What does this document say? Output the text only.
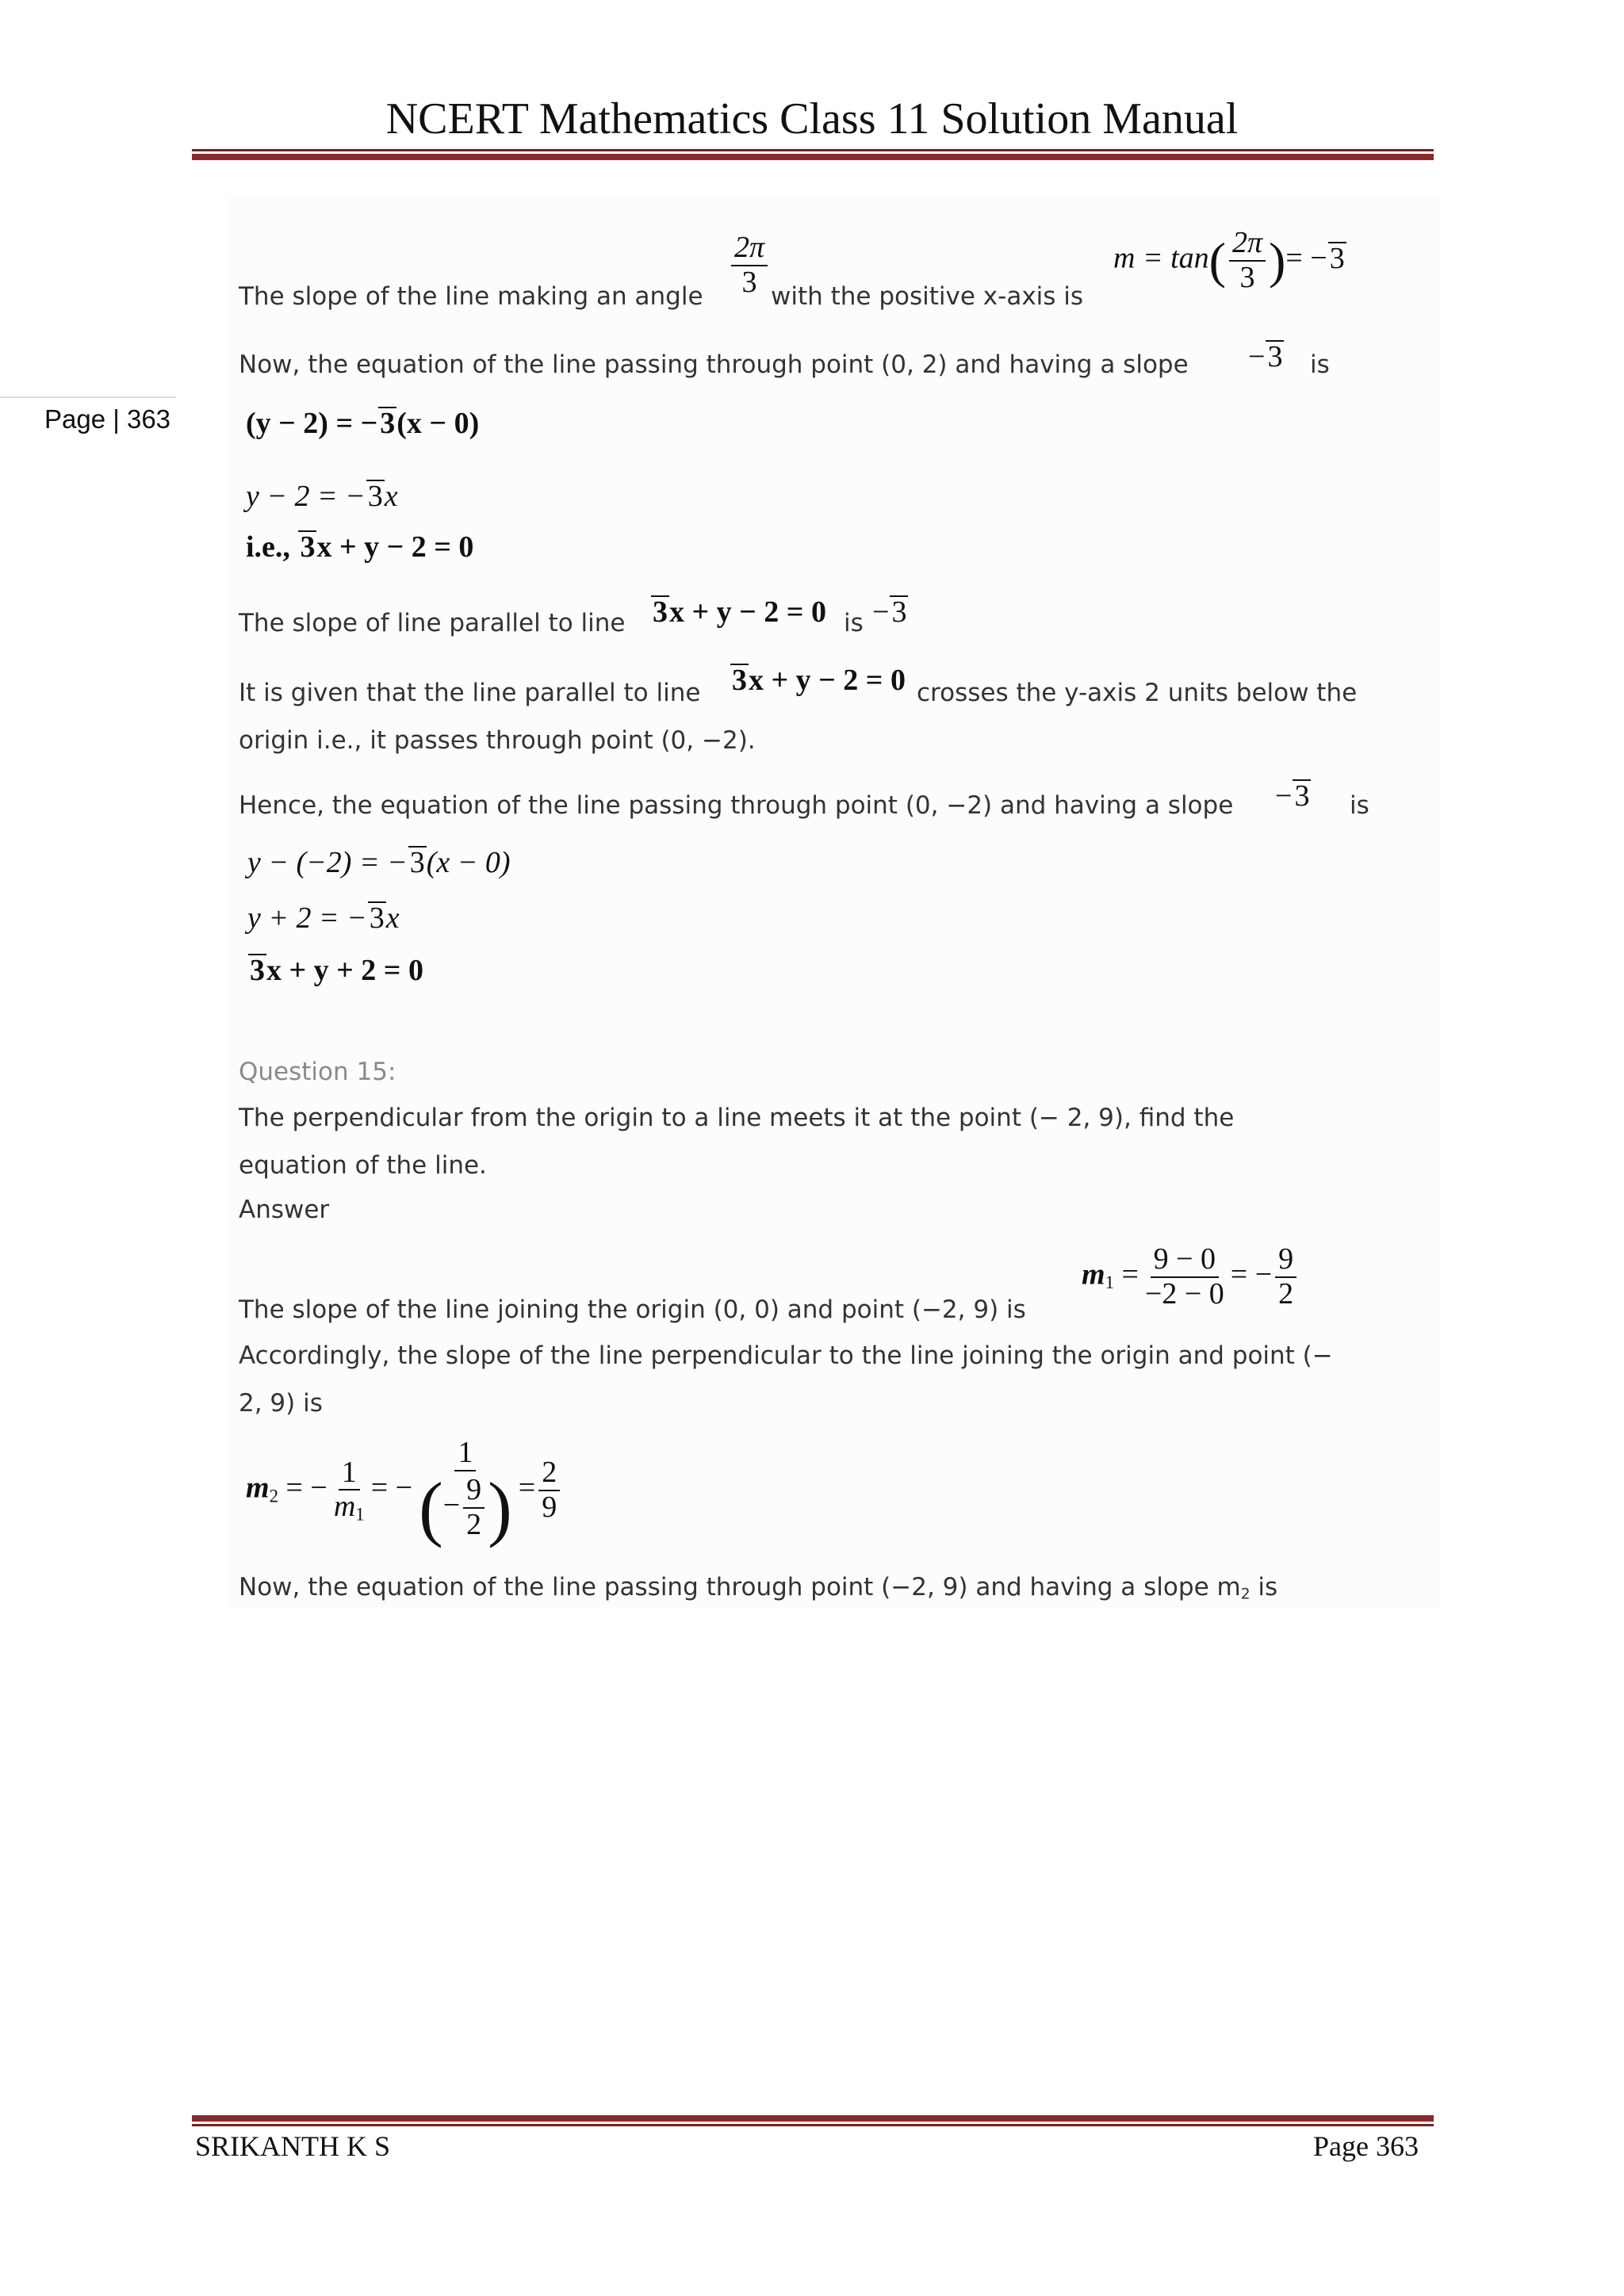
NCERT Mathematics Class 11 Solution Manual
Page | 363
The slope of the line making an angle $\frac{2\pi}{3}$ with the positive x-axis is
$m = \tan( \frac{2\pi}{3}$ )= −3
Now, the equation of the line passing through point (0, 2) and having a slope −3 is
(y − 2) = −3(x − 0)
y − 2 = −3x
i.e., 3x + y − 2 = 0
The slope of line parallel to line 3x + y − 2 = 0 is −3
It is given that the line parallel to line 3x + y − 2 = 0 crosses the y-axis 2 units below the
origin i.e., it passes through point (0, −2).
Hence, the equation of the line passing through point (0, −2) and having a slope −3 is
y − (−2) = −3(x − 0)
y + 2 = −3x
3x + y + 2 = 0
Question 15:
The perpendicular from the origin to a line meets it at the point (− 2, 9), find the
equation of the line.
Answer
The slope of the line joining the origin (0, 0) and point (−2, 9) is
$m_1 = \frac{9 - 0}{-2 - 0}$ = − $\frac{9}{2}$
Accordingly, the slope of the line perpendicular to the line joining the origin and point (−
2, 9) is
$m_2$ = − $\frac{1}{m_1}$ = − $\frac{1}{(- \frac{9}{2} )} = \frac{2}{9}$
Now, the equation of the line passing through point (−2, 9) and having a slope $m_2$ is
SRIKANTH K S	Page 363
